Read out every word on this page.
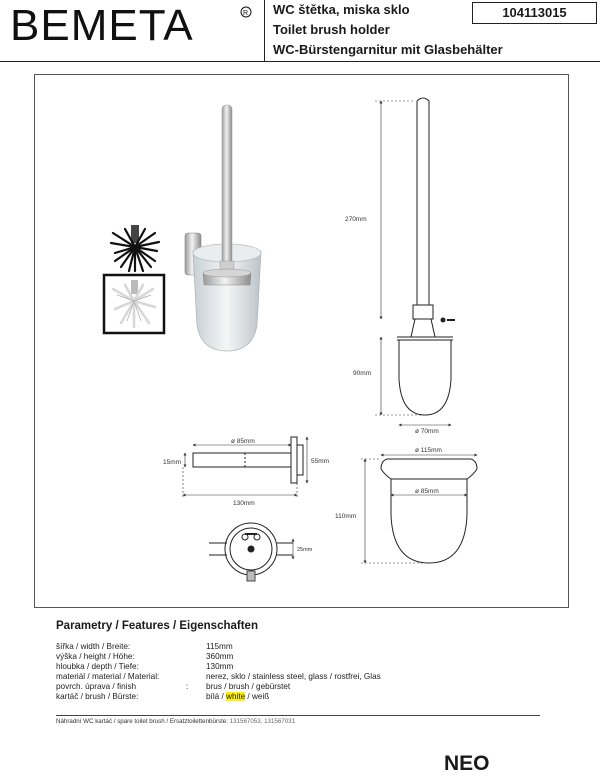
BEMETA	R WC štětka, miska sklo
Toilet brush holder
WC-Bürstengarnitur mit Glasbehälter
104113015
270mm
90mm
ø 70mm
ø 85mm
15mm	55mm
130mm
25mm
ø 115mm
ø 85mm
110mm
Parametry / Features / Eigenschaften
šířka / width / Breite:	115mm
výška / height / Höhe:	360mm
hloubka / depth / Tiefe:	130mm
materiál / material / Material:	nerez, sklo / stainless steel, glass / rostfrei, Glas
povrch. úprava / finish	: brus / brush / gebürstet
kartáč / brush / Bürste:	bílá / white / weiß
Náhradní WC kartáč / spare toilet brush / Ersatztoilettenbürste: 131567053, 131567031
NEO
